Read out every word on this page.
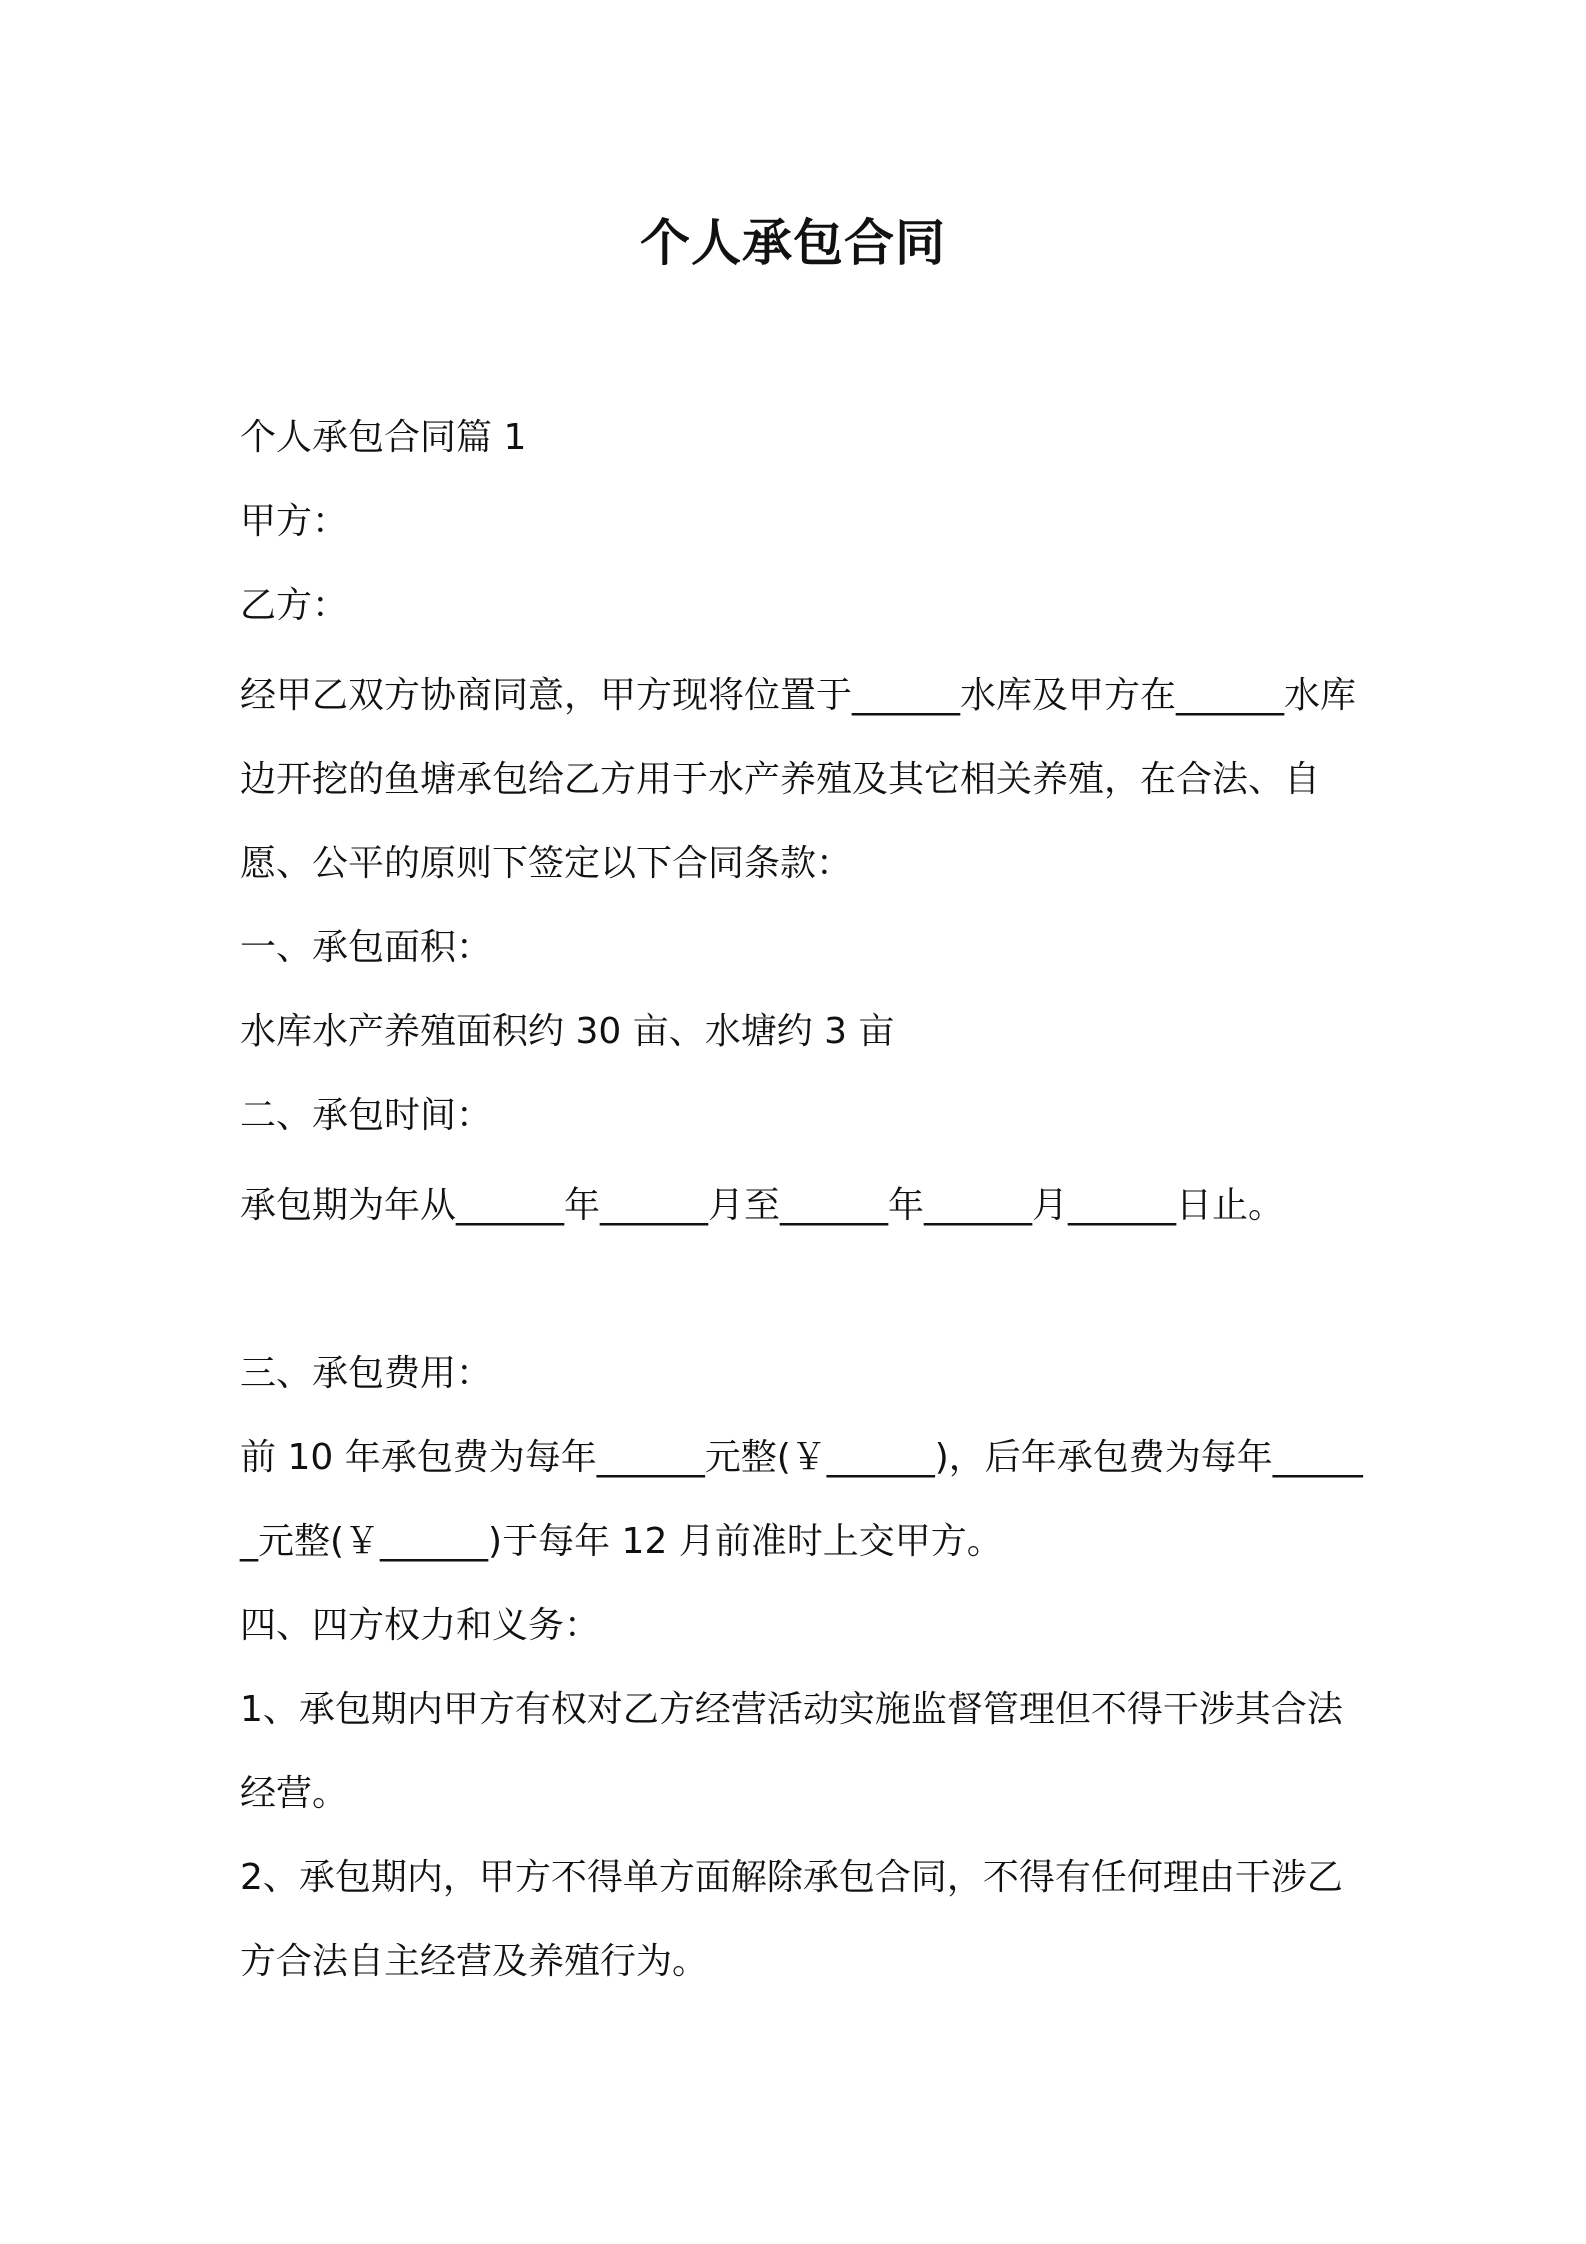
个人承包合同
个人承包合同篇 1
甲方：
乙方：
经甲乙双方协商同意，甲方现将位置于______水库及甲方在______水库边开挖的鱼塘承包给乙方用于水产养殖及其它相关养殖，在合法、自愿、公平的原则下签定以下合同条款：
一、承包面积：
水库水产养殖面积约 30 亩、水塘约 3 亩
二、承包时间：
承包期为年从______年______月至______年______月______日止。
三、承包费用：
前 10 年承包费为每年______元整(￥______)，后年承包费为每年______元整(￥______)于每年 12 月前准时上交甲方。
四、四方权力和义务：
1、承包期内甲方有权对乙方经营活动实施监督管理但不得干涉其合法经营。
2、承包期内，甲方不得单方面解除承包合同，不得有任何理由干涉乙方合法自主经营及养殖行为。
